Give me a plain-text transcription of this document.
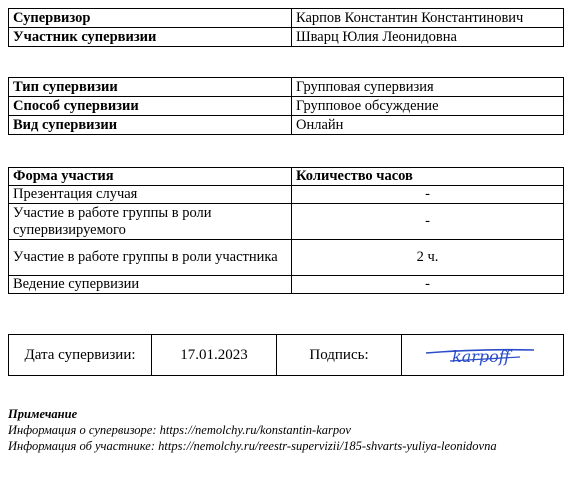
Супервизор	Карпов Константин Константинович
Участник супервизии	Шварц Юлия Леонидовна
Тип супервизии	Групповая супервизия
Способ супервизии	Групповое обсуждение
Вид супервизии	Онлайн
Форма участия	Количество часов
Презентация случая	-
Участие в работе группы в роли супервизируемого	-
Участие в работе группы в роли участника	2 ч.
Ведение супервизии	-
Дата супервизии:	17.01.2023	Подпись:	karpoff
Примечание
Информация о супервизоре: https://nemolchy.ru/konstantin-karpov
Информация об участнике: https://nemolchy.ru/reestr-supervizii/185-shvarts-yuliya-leonidovna
